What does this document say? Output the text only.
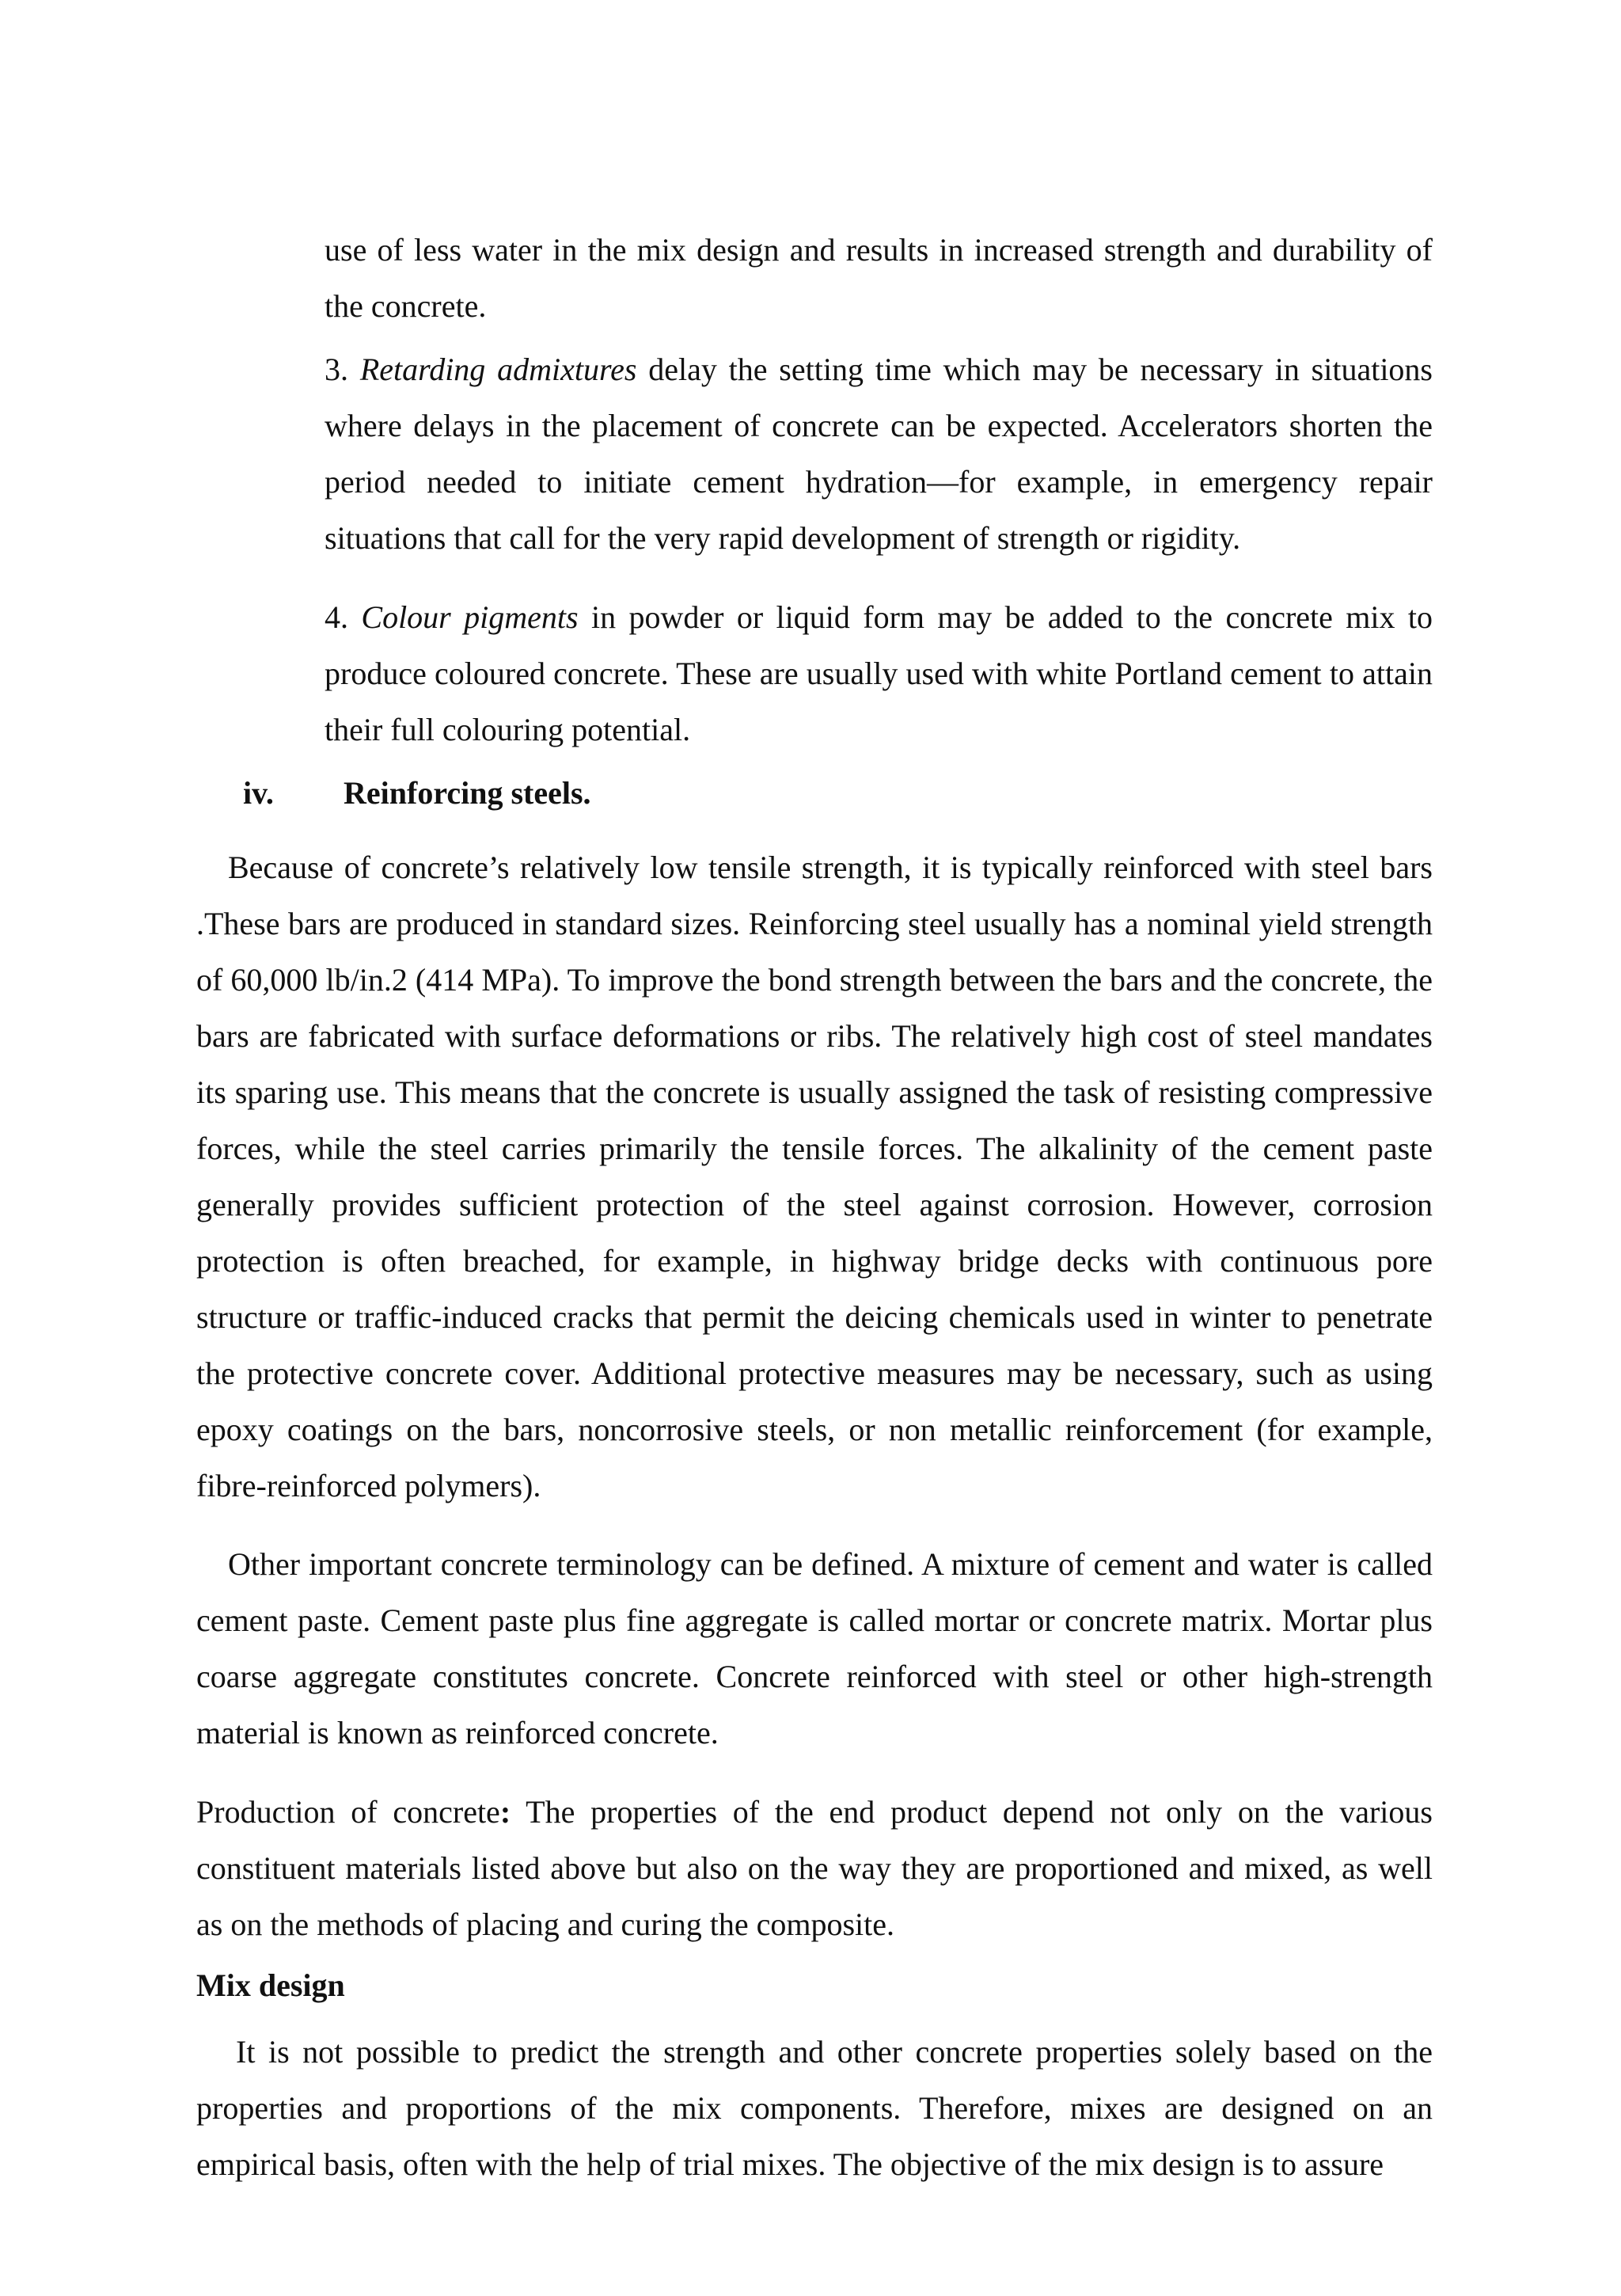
use of less water in the mix design and results in increased strength and durability of the concrete.

3. Retarding admixtures delay the setting time which may be necessary in situations where delays in the placement of concrete can be expected. Accelerators shorten the period needed to initiate cement hydration—for example, in emergency repair situations that call for the very rapid development of strength or rigidity.

4. Colour pigments in powder or liquid form may be added to the concrete mix to produce coloured concrete. These are usually used with white Portland cement to attain their full colouring potential.

iv. Reinforcing steels.

Because of concrete’s relatively low tensile strength, it is typically reinforced with steel bars .These bars are produced in standard sizes. Reinforcing steel usually has a nominal yield strength of 60,000 lb/in.2 (414 MPa). To improve the bond strength between the bars and the concrete, the bars are fabricated with surface deformations or ribs. The relatively high cost of steel mandates its sparing use. This means that the concrete is usually assigned the task of resisting compressive forces, while the steel carries primarily the tensile forces. The alkalinity of the cement paste generally provides sufficient protection of the steel against corrosion. However, corrosion protection is often breached, for example, in highway bridge decks with continuous pore structure or traffic-induced cracks that permit the deicing chemicals used in winter to penetrate the protective concrete cover. Additional protective measures may be necessary, such as using epoxy coatings on the bars, noncorrosive steels, or non metallic reinforcement (for example, fibre-reinforced polymers).

Other important concrete terminology can be defined. A mixture of cement and water is called cement paste. Cement paste plus fine aggregate is called mortar or concrete matrix. Mortar plus coarse aggregate constitutes concrete. Concrete reinforced with steel or other high-strength material is known as reinforced concrete.

Production of concrete: The properties of the end product depend not only on the various constituent materials listed above but also on the way they are proportioned and mixed, as well as on the methods of placing and curing the composite.

Mix design

It is not possible to predict the strength and other concrete properties solely based on the properties and proportions of the mix components. Therefore, mixes are designed on an empirical basis, often with the help of trial mixes. The objective of the mix design is to assure
